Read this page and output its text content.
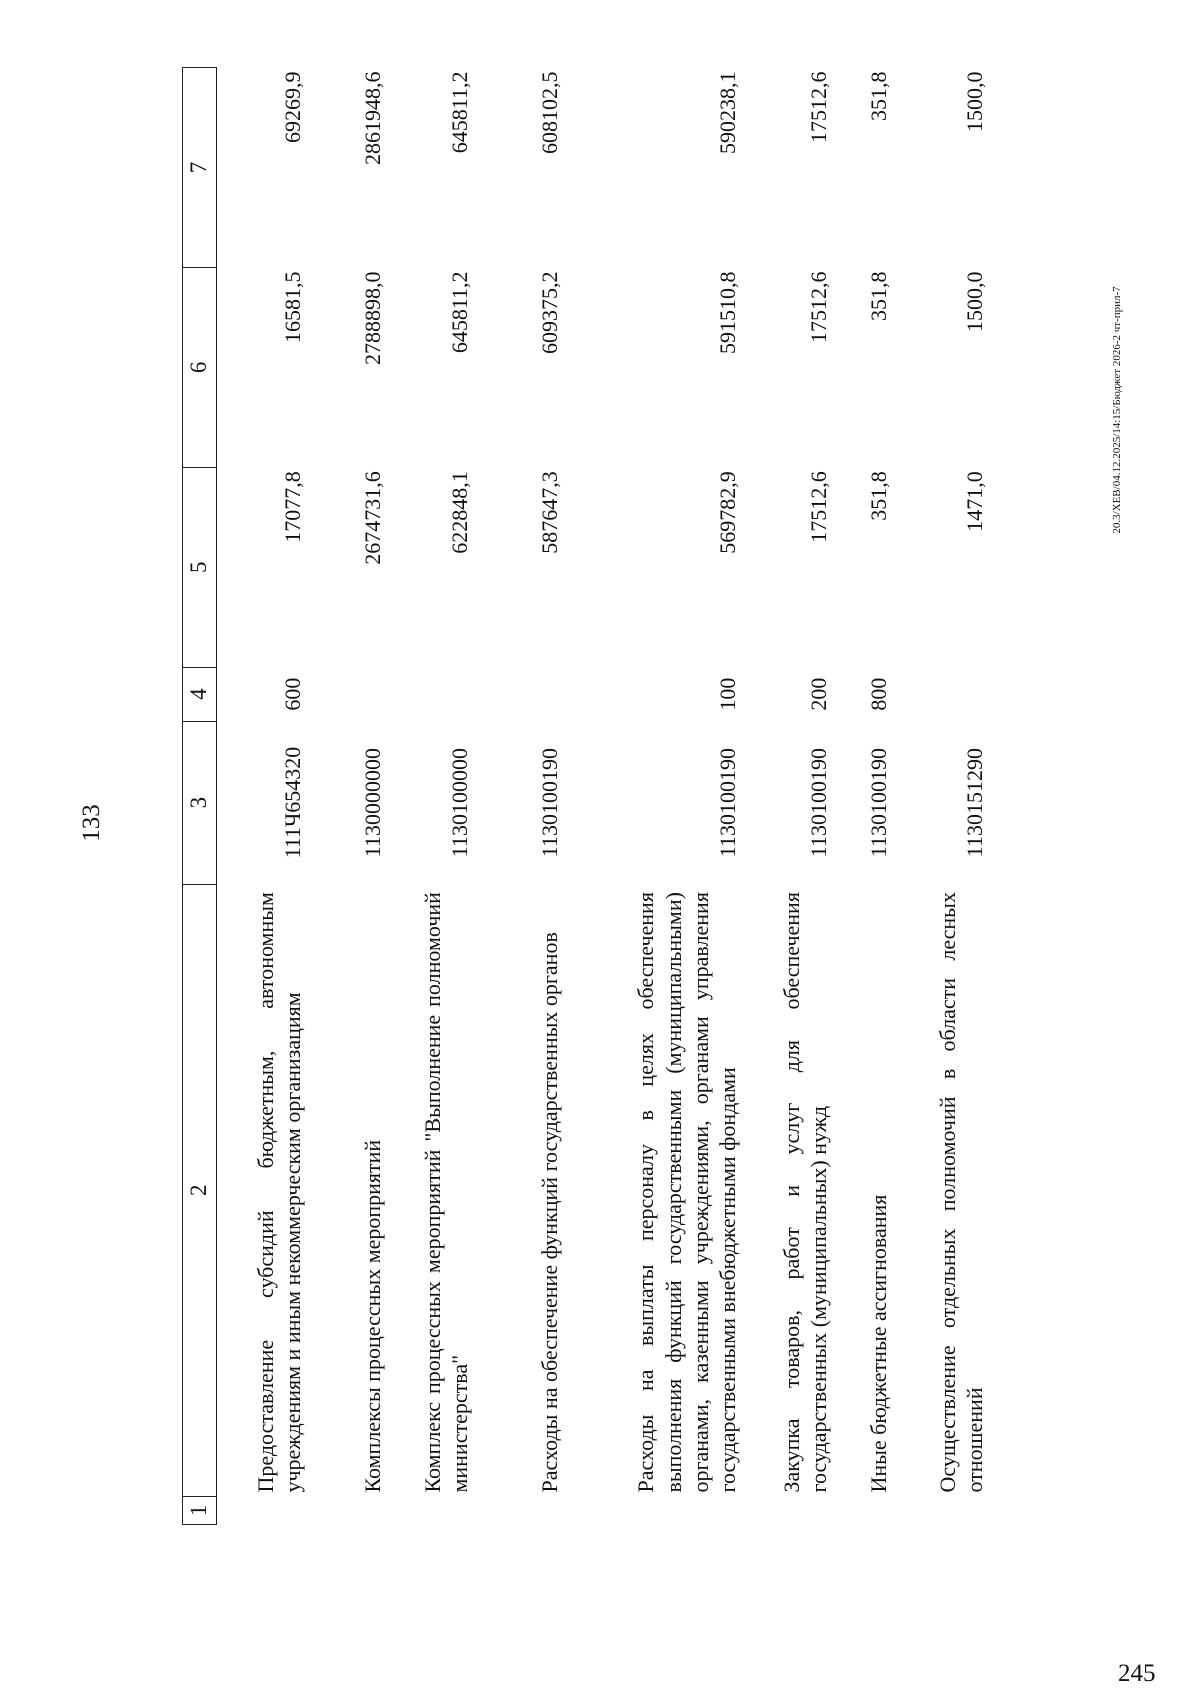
133
20.3/ХЕВ/04.12.2025/14:15/Бюджет 2026-2 чт-прил-7
245
1	2	3	4	5	6	7
	Предоставление субсидий бюджетным, автономным учреждениям и иным некоммерческим организациям	111Ч654320	600	17077,8	16581,5	69269,9
	Комплексы процессных мероприятий	1130000000		2674731,6	2788898,0	2861948,6
	Комплекс процессных мероприятий "Выполнение полномочий министерства"	1130100000		622848,1	645811,2	645811,2
	Расходы на обеспечение функций государственных органов	1130100190		587647,3	609375,2	608102,5
	Расходы на выплаты персоналу в целях обеспечения выполнения функций государственными (муниципальными) органами, казенными учреждениями, органами управления государственными внебюджетными фондами	1130100190	100	569782,9	591510,8	590238,1
	Закупка товаров, работ и услуг для обеспечения государственных (муниципальных) нужд	1130100190	200	17512,6	17512,6	17512,6
	Иные бюджетные ассигнования	1130100190	800	351,8	351,8	351,8
	Осуществление отдельных полномочий в области лесных отношений	1130151290		1471,0	1500,0	1500,0
